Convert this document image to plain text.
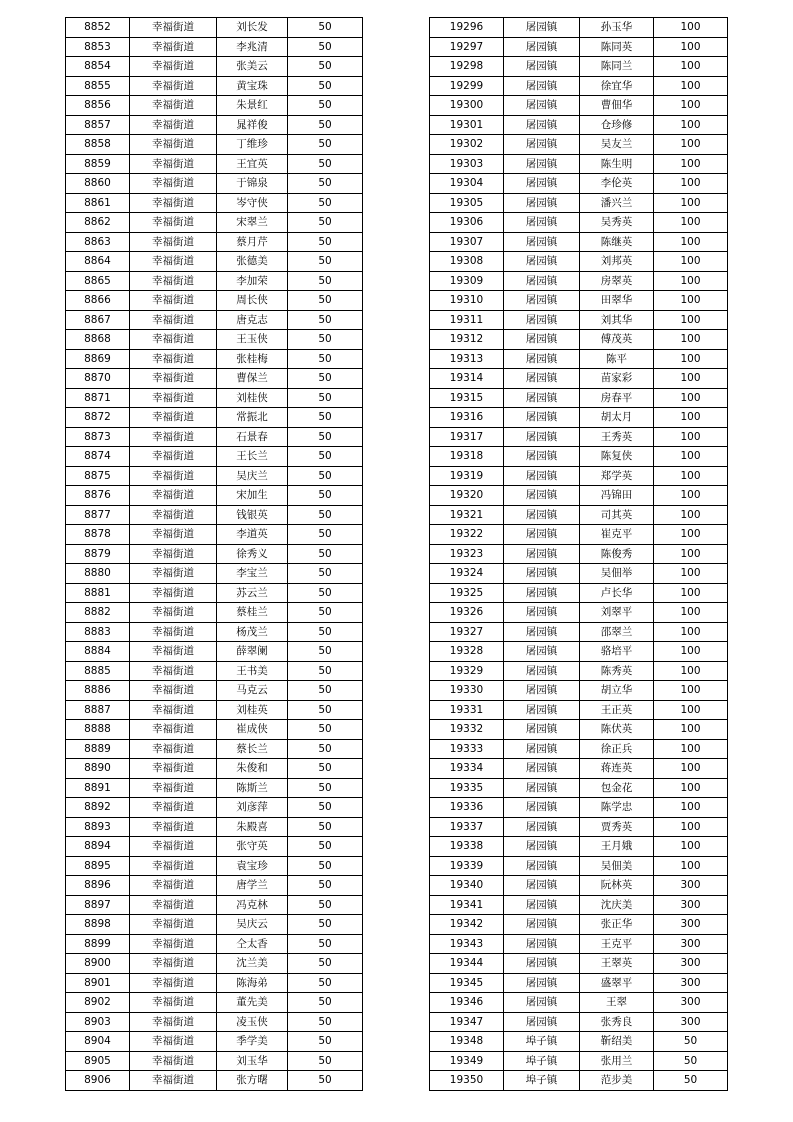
8852	幸福街道	刘长发	50
8853	幸福街道	李兆清	50
8854	幸福街道	张美云	50
8855	幸福街道	黄宝珠	50
8856	幸福街道	朱景红	50
8857	幸福街道	晁祥俊	50
8858	幸福街道	丁维珍	50
8859	幸福街道	王宜英	50
8860	幸福街道	于锦泉	50
8861	幸福街道	岑守侠	50
8862	幸福街道	宋翠兰	50
8863	幸福街道	蔡月芹	50
8864	幸福街道	张德美	50
8865	幸福街道	李加荣	50
8866	幸福街道	周长侠	50
8867	幸福街道	唐克志	50
8868	幸福街道	王玉侠	50
8869	幸福街道	张桂梅	50
8870	幸福街道	曹保兰	50
8871	幸福街道	刘桂侠	50
8872	幸福街道	常振北	50
8873	幸福街道	石景春	50
8874	幸福街道	王长兰	50
8875	幸福街道	吴庆兰	50
8876	幸福街道	宋加生	50
8877	幸福街道	钱银英	50
8878	幸福街道	李道英	50
8879	幸福街道	徐秀义	50
8880	幸福街道	李宝兰	50
8881	幸福街道	苏云兰	50
8882	幸福街道	蔡桂兰	50
8883	幸福街道	杨茂兰	50
8884	幸福街道	薛翠阑	50
8885	幸福街道	王书美	50
8886	幸福街道	马克云	50
8887	幸福街道	刘桂英	50
8888	幸福街道	崔成侠	50
8889	幸福街道	蔡长兰	50
8890	幸福街道	朱俊和	50
8891	幸福街道	陈斯兰	50
8892	幸福街道	刘彦萍	50
8893	幸福街道	朱殿喜	50
8894	幸福街道	张守英	50
8895	幸福街道	袁宝珍	50
8896	幸福街道	唐学兰	50
8897	幸福街道	冯克林	50
8898	幸福街道	吴庆云	50
8899	幸福街道	仝太香	50
8900	幸福街道	沈兰美	50
8901	幸福街道	陈海弟	50
8902	幸福街道	董先美	50
8903	幸福街道	凌玉侠	50
8904	幸福街道	季学美	50
8905	幸福街道	刘玉华	50
8906	幸福街道	张方曙	50
19296	屠园镇	孙玉华	100
19297	屠园镇	陈同英	100
19298	屠园镇	陈同兰	100
19299	屠园镇	徐宜华	100
19300	屠园镇	曹佃华	100
19301	屠园镇	仓珍修	100
19302	屠园镇	吴友兰	100
19303	屠园镇	陈生明	100
19304	屠园镇	李伦英	100
19305	屠园镇	潘兴兰	100
19306	屠园镇	吴秀英	100
19307	屠园镇	陈继英	100
19308	屠园镇	刘邦英	100
19309	屠园镇	房翠英	100
19310	屠园镇	田翠华	100
19311	屠园镇	刘其华	100
19312	屠园镇	傅茂英	100
19313	屠园镇	陈平	100
19314	屠园镇	苗家彩	100
19315	屠园镇	房春平	100
19316	屠园镇	胡太月	100
19317	屠园镇	王秀英	100
19318	屠园镇	陈复侠	100
19319	屠园镇	郑学英	100
19320	屠园镇	冯锦田	100
19321	屠园镇	司其英	100
19322	屠园镇	崔克平	100
19323	屠园镇	陈俊秀	100
19324	屠园镇	吴佃举	100
19325	屠园镇	卢长华	100
19326	屠园镇	刘翠平	100
19327	屠园镇	邵翠兰	100
19328	屠园镇	骆培平	100
19329	屠园镇	陈秀英	100
19330	屠园镇	胡立华	100
19331	屠园镇	王正英	100
19332	屠园镇	陈伏英	100
19333	屠园镇	徐正兵	100
19334	屠园镇	蒋连英	100
19335	屠园镇	包金花	100
19336	屠园镇	陈学忠	100
19337	屠园镇	贾秀英	100
19338	屠园镇	王月娥	100
19339	屠园镇	吴佃美	100
19340	屠园镇	阮林英	300
19341	屠园镇	沈庆美	300
19342	屠园镇	张正华	300
19343	屠园镇	王克平	300
19344	屠园镇	王翠英	300
19345	屠园镇	盛翠平	300
19346	屠园镇	王翠	300
19347	屠园镇	张秀良	300
19348	埠子镇	靳绍美	50
19349	埠子镇	张用兰	50
19350	埠子镇	范步美	50
